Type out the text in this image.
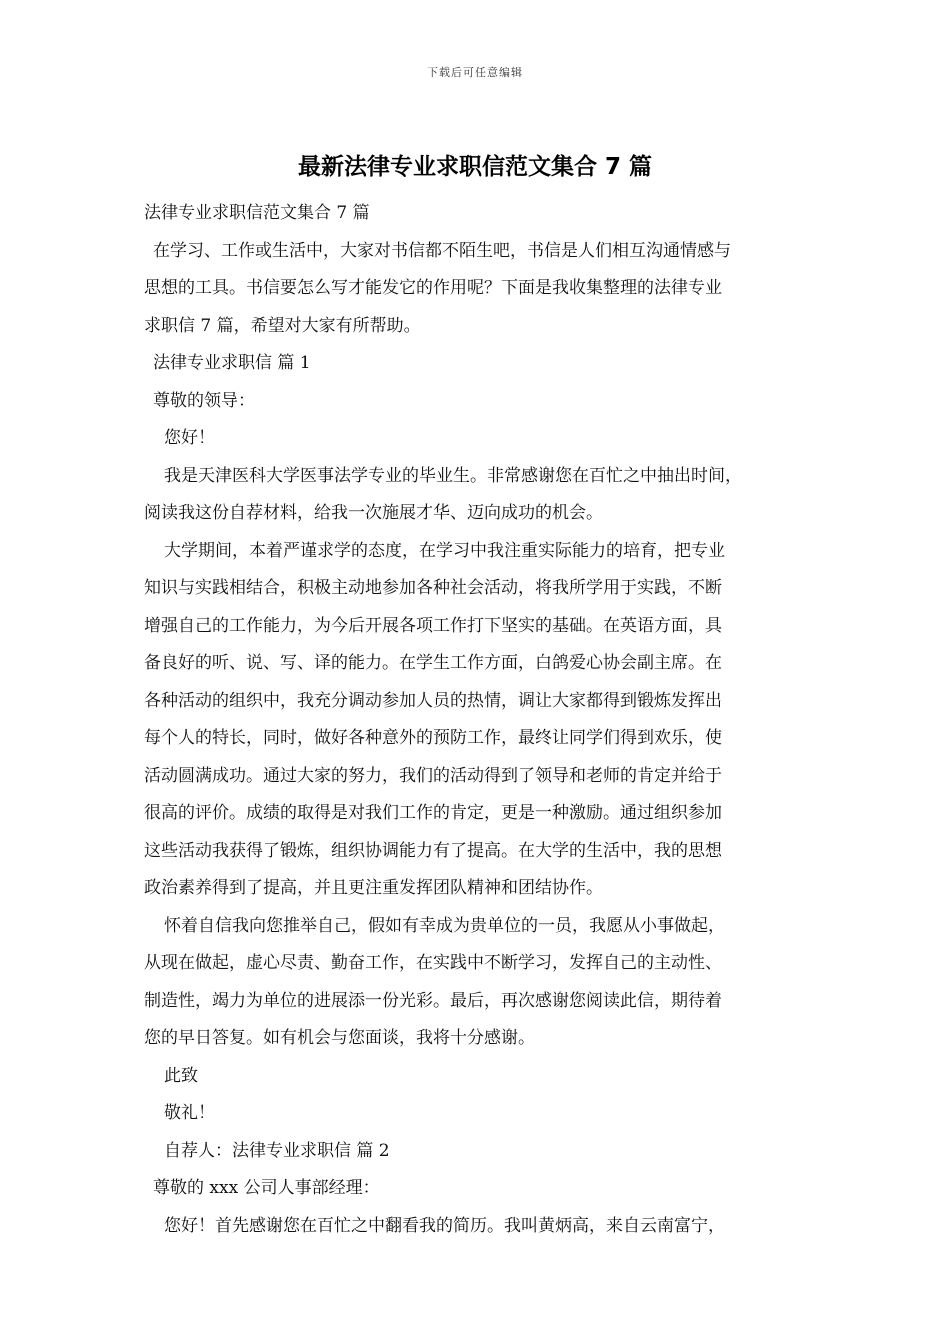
下载后可任意编辑
最新法律专业求职信范文集合 7 篇
法律专业求职信范文集合 7 篇
在学习、工作或生活中，大家对书信都不陌生吧，书信是人们相互沟通情感与
思想的工具。书信要怎么写才能发它的作用呢？下面是我收集整理的法律专业
求职信 7 篇，希望对大家有所帮助。
法律专业求职信 篇 1
尊敬的领导：
您好！
我是天津医科大学医事法学专业的毕业生。非常感谢您在百忙之中抽出时间，
阅读我这份自荐材料，给我一次施展才华、迈向成功的机会。
大学期间，本着严谨求学的态度，在学习中我注重实际能力的培育，把专业
知识与实践相结合，积极主动地参加各种社会活动，将我所学用于实践，不断
增强自己的工作能力，为今后开展各项工作打下坚实的基础。在英语方面，具
备良好的听、说、写、译的能力。在学生工作方面，白鸽爱心协会副主席。在
各种活动的组织中，我充分调动参加人员的热情，调让大家都得到锻炼发挥出
每个人的特长，同时，做好各种意外的预防工作，最终让同学们得到欢乐，使
活动圆满成功。通过大家的努力，我们的活动得到了领导和老师的肯定并给于
很高的评价。成绩的取得是对我们工作的肯定，更是一种激励。通过组织参加
这些活动我获得了锻炼，组织协调能力有了提高。在大学的生活中，我的思想
政治素养得到了提高，并且更注重发挥团队精神和团结协作。
怀着自信我向您推举自己，假如有幸成为贵单位的一员，我愿从小事做起，
从现在做起，虚心尽责、勤奋工作，在实践中不断学习，发挥自己的主动性、
制造性，竭力为单位的进展添一份光彩。最后，再次感谢您阅读此信，期待着
您的早日答复。如有机会与您面谈，我将十分感谢。
此致
敬礼！
自荐人：法律专业求职信 篇 2
尊敬的 xxx 公司人事部经理：
您好！首先感谢您在百忙之中翻看我的简历。我叫黄炳高，来自云南富宁，
